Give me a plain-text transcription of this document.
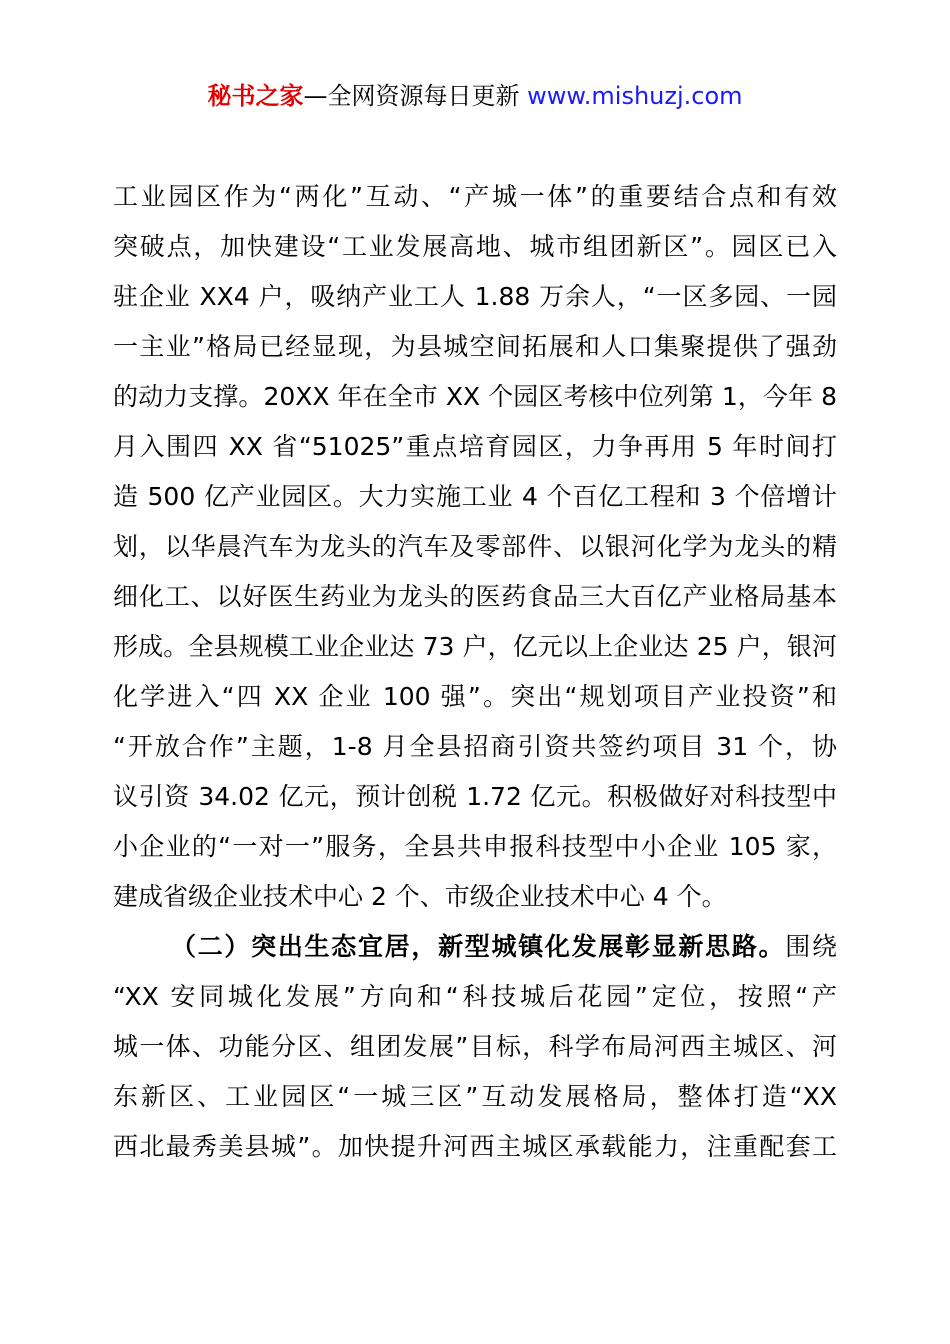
秘书之家—全网资源每日更新 www.mishuzj.com
工业园区作为“两化”互动、“产城一体”的重要结合点和有效
突破点，加快建设“工业发展高地、城市组团新区”。园区已入
驻企业 XX4 户，吸纳产业工人 1.88 万余人，“一区多园、一园
一主业”格局已经显现，为县城空间拓展和人口集聚提供了强劲
的动力支撑。20XX 年在全市 XX 个园区考核中位列第 1，今年 8
月入围四 XX 省“51025”重点培育园区，力争再用 5 年时间打
造 500 亿产业园区。大力实施工业 4 个百亿工程和 3 个倍增计
划，以华晨汽车为龙头的汽车及零部件、以银河化学为龙头的精
细化工、以好医生药业为龙头的医药食品三大百亿产业格局基本
形成。全县规模工业企业达 73 户，亿元以上企业达 25 户，银河
化学进入“四 XX 企业 100 强”。突出“规划项目产业投资”和
“开放合作”主题，1-8 月全县招商引资共签约项目 31 个，协
议引资 34.02 亿元，预计创税 1.72 亿元。积极做好对科技型中
小企业的“一对一”服务，全县共申报科技型中小企业 105 家，
建成省级企业技术中心 2 个、市级企业技术中心 4 个。
（二）突出生态宜居，新型城镇化发展彰显新思路。围绕
“XX 安同城化发展”方向和“科技城后花园”定位，按照“产
城一体、功能分区、组团发展”目标，科学布局河西主城区、河
东新区、工业园区“一城三区”互动发展格局，整体打造“XX
西北最秀美县城”。加快提升河西主城区承载能力，注重配套工
